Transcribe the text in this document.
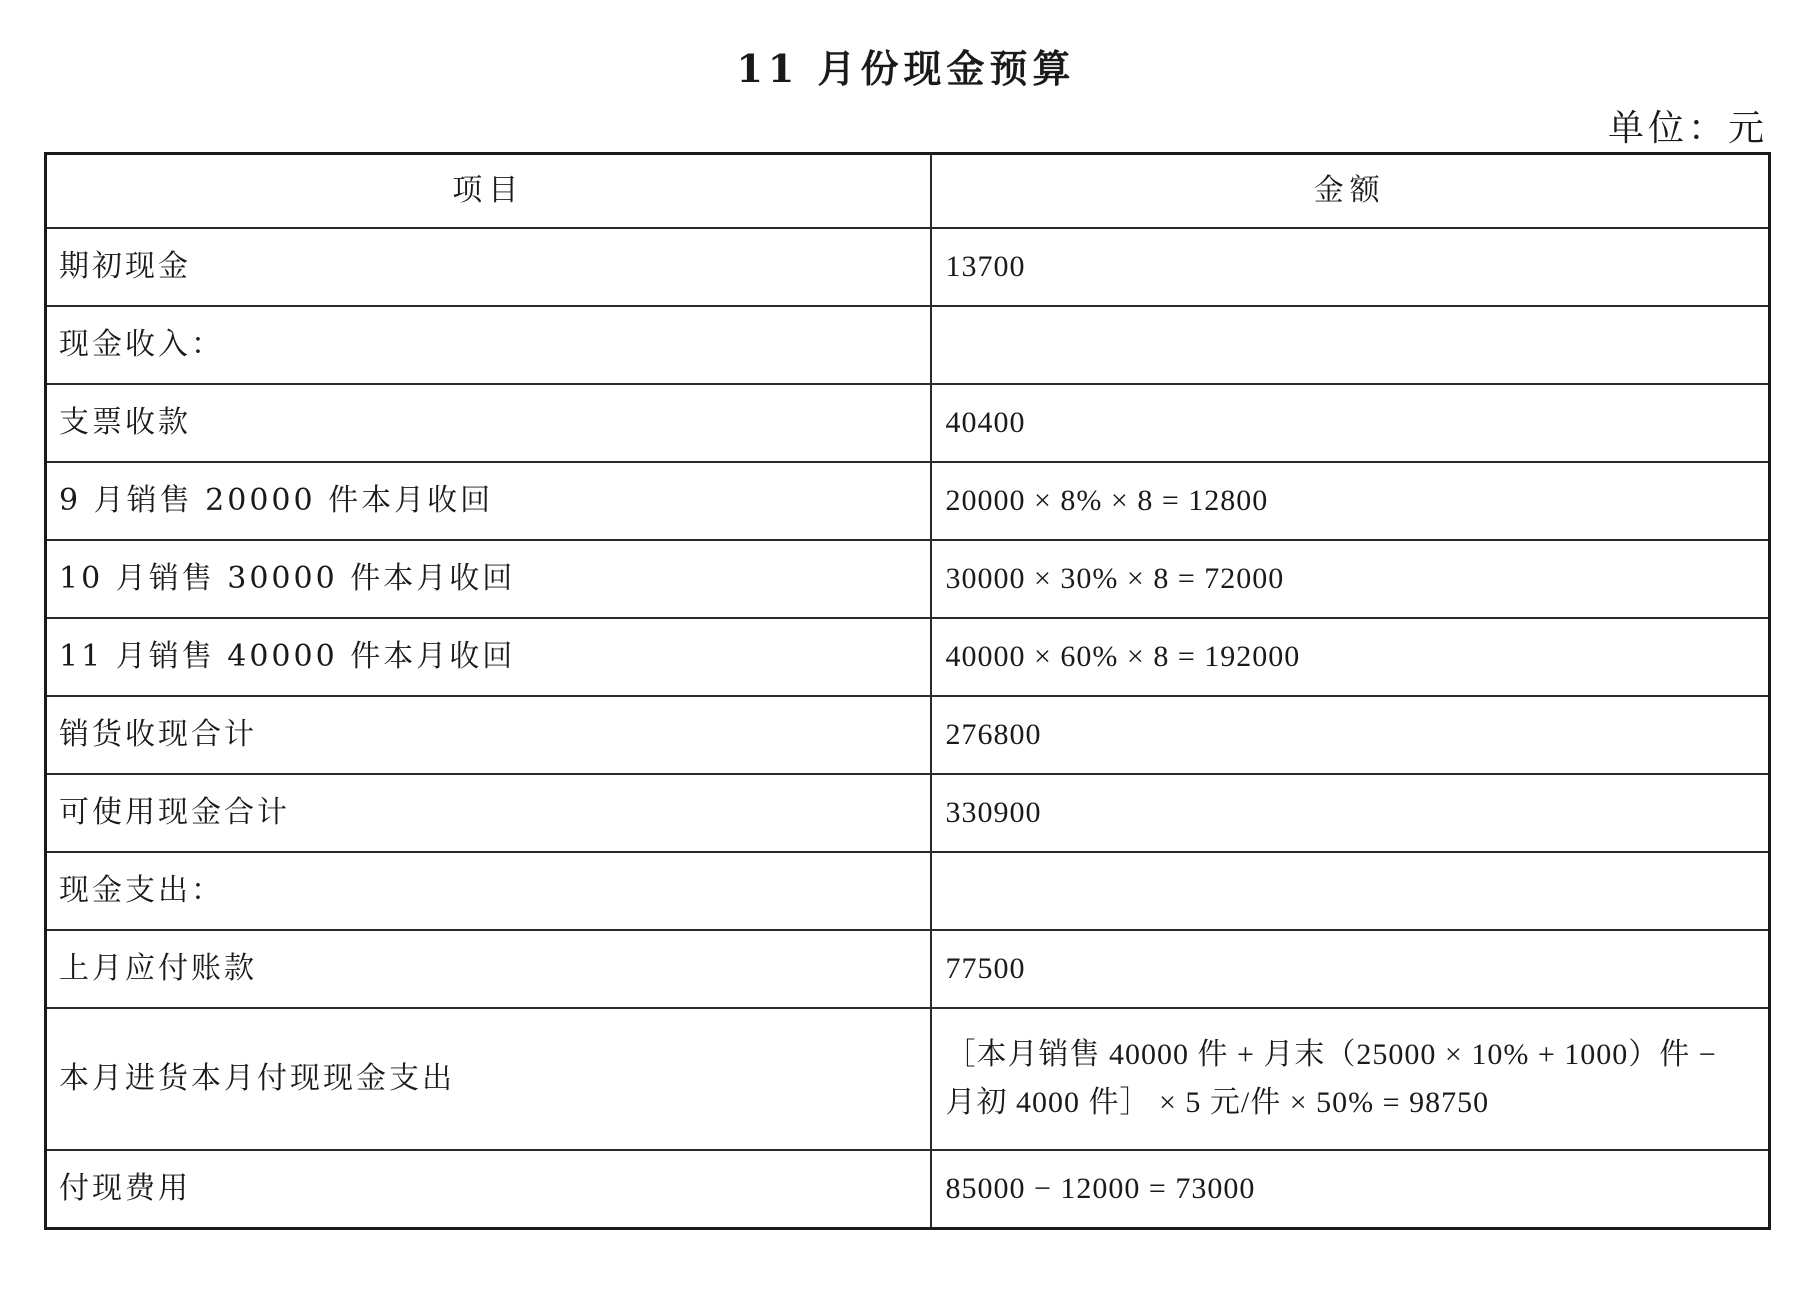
11 月份现金预算
单位：元
项目	金额
期初现金	13700
现金收入：	
支票收款	40400
9 月销售 20000 件本月收回	20000 × 8% × 8 = 12800
10 月销售 30000 件本月收回	30000 × 30% × 8 = 72000
11 月销售 40000 件本月收回	40000 × 60% × 8 = 192000
销货收现合计	276800
可使用现金合计	330900
现金支出：	
上月应付账款	77500
本月进货本月付现现金支出	［本月销售 40000 件 + 月末（25000 × 10% + 1000）件 − 月初 4000 件］ × 5 元/件 × 50% = 98750
付现费用	85000 − 12000 = 73000
